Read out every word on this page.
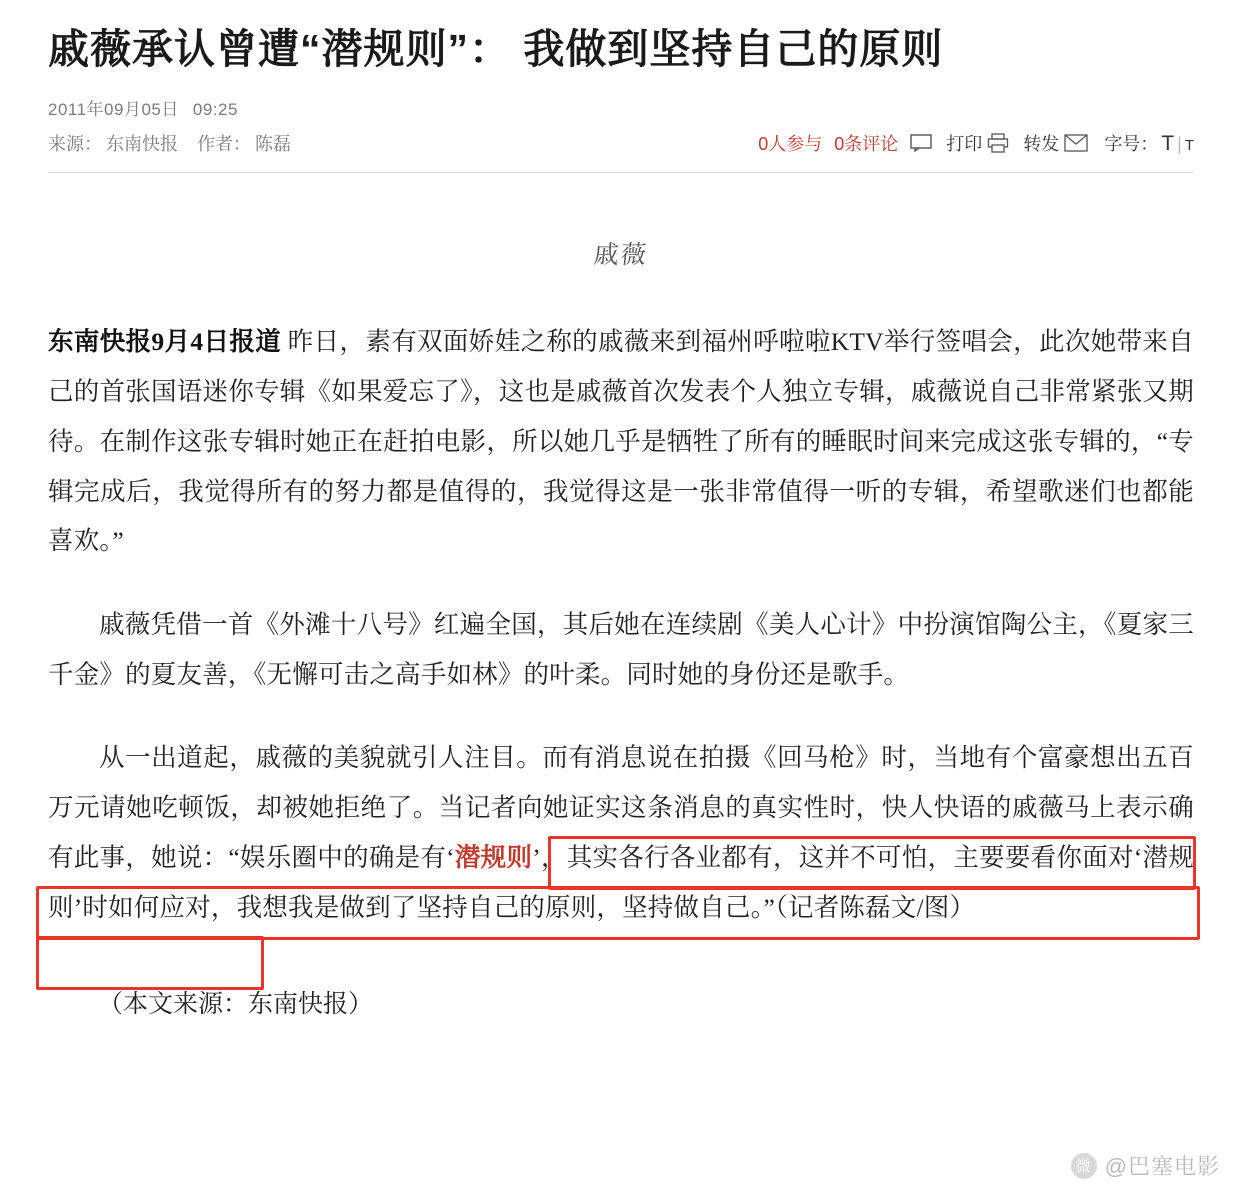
戚薇承认曾遭“潜规则”： 我做到坚持自己的原则
2011年09月05日 09:25
来源： 东南快报 作者： 陈磊	0人参与 0条评论	打印 转发	字号： T | T
戚薇

东南快报9月4日报道 昨日，素有双面娇娃之称的戚薇来到福州呼啦啦KTV举行签唱会，此次她带来自己的首张国语迷你专辑《如果爱忘了》，这也是戚薇首次发表个人独立专辑，戚薇说自己非常紧张又期待。在制作这张专辑时她正在赶拍电影，所以她几乎是牺牲了所有的睡眠时间来完成这张专辑的，“专辑完成后，我觉得所有的努力都是值得的，我觉得这是一张非常值得一听的专辑，希望歌迷们也都能喜欢。”

戚薇凭借一首《外滩十八号》红遍全国，其后她在连续剧《美人心计》中扮演馆陶公主，《夏家三千金》的夏友善，《无懈可击之高手如林》的叶柔。同时她的身份还是歌手。

从一出道起，戚薇的美貌就引人注目。而有消息说在拍摄《回马枪》时，当地有个富豪想出五百万元请她吃顿饭，却被她拒绝了。当记者向她证实这条消息的真实性时，快人快语的戚薇马上表示确有此事，她说：“娱乐圈中的确是有‘潜规则’，其实各行各业都有，这并不可怕，主要要看你面对‘潜规则’时如何应对，我想我是做到了坚持自己的原则，坚持做自己。”（记者陈磊文/图）

（本文来源：东南快报）

微 @巴塞电影
